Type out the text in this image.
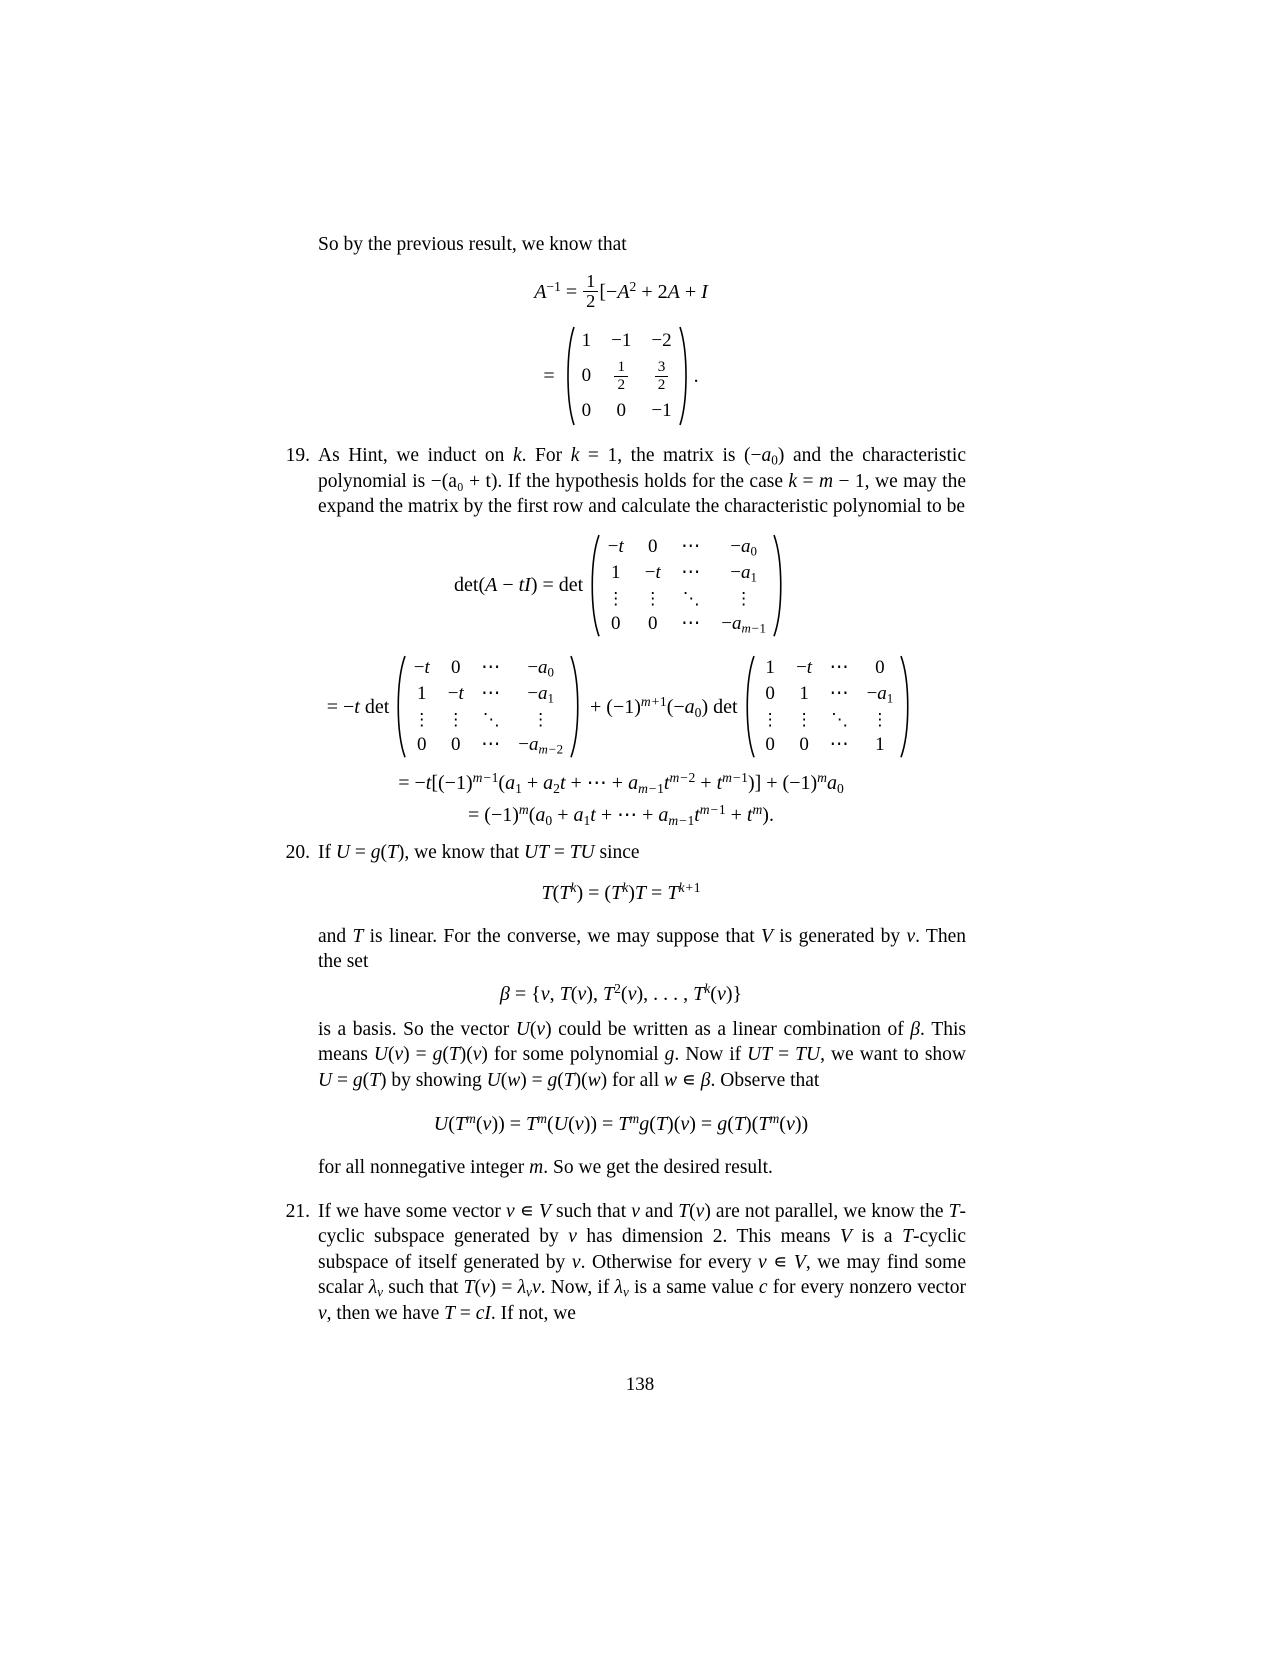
So by the previous result, we know that

$A^{-1} = \frac{1}{2} [-A^2 + 2A + I$
=
1 −1 −2
$0 \frac{1}{2} \frac{3}{2}$
0 0 −1
.
19. As Hint, we induct on k. For k = 1, the matrix is $(-a_0)$ and the characteristic polynomial is −(a₀ + t). If the hypothesis holds for the case k = m − 1, we may the expand the matrix by the first row and calculate the characteristic polynomial to be
det(A − tI) = det
−t 0 ⋯ $-a_0$
1 −t ⋯ $-a_1$
⋮ ⋮ ⋱ ⋮
0 0 ⋯ $-a_{m-1}$
= −t det
−t 0 ⋯ $-a_0$
1 −t ⋯ $-a_1$
⋮ ⋮ ⋱ ⋮
0 0 ⋯ $-a_{m-2}$
+ $(-1)^{m+1}(-a_0)$ det
1 −t ⋯ 0
0 1 ⋯ $-a_1$
⋮ ⋮ ⋱ ⋮
0 0 ⋯ 1
= $-t[(-1)^{m-1}(a_1 + a_2t$ + ⋯ + $a_{m-1}t^{m-2} + t^{m-1})] + (-1)^ma_0$
= $(-1)^m(a_0 + a_1t$ + ⋯ + $a_{m-1}t^{m-1} + t^m$).
20. If U = g(T), we know that UT = TU since
$T(T^k) = (T^k)T = T^{k+1}$

and T is linear. For the converse, we may suppose that V is generated by v. Then the set

β = {v, T(v), $T^2(v)$, . . . , $T^k(v)$}

is a basis. So the vector U(v) could be written as a linear combination of β. This means U(v) = g(T)(v) for some polynomial g. Now if UT = TU, we want to show U = g(T) by showing U(w) = g(T)(w) for all w ∊ β. Observe that

$U(T^m(v)) = T^m(U(v)) = T^mg(T)(v) = g(T)(T^m(v))$

for all nonnegative integer m. So we get the desired result.

21. If we have some vector v ∊ V such that v and T(v) are not parallel, we know the T-cyclic subspace generated by v has dimension 2. This means V is a T-cyclic subspace of itself generated by v. Otherwise for every v ∊ V, we may find some scalar $\lambda_v$ such that $T(v) = \lambda_vv$. Now, if $\lambda_v$ is a same value c for every nonzero vector v, then we have T = cI. If not, we
138
